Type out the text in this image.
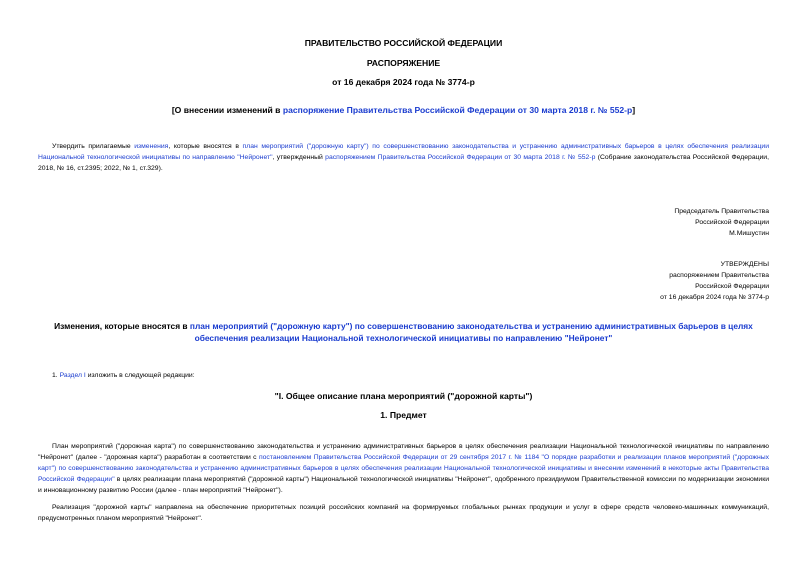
ПРАВИТЕЛЬСТВО РОССИЙСКОЙ ФЕДЕРАЦИИ
РАСПОРЯЖЕНИЕ
от 16 декабря 2024 года № 3774-р
[О внесении изменений в распоряжение Правительства Российской Федерации от 30 марта 2018 г. № 552-р]
Утвердить прилагаемые изменения, которые вносятся в план мероприятий ("дорожную карту") по совершенствованию законодательства и устранению административных барьеров в целях обеспечения реализации Национальной технологической инициативы по направлению "Нейронет", утвержденный распоряжением Правительства Российской Федерации от 30 марта 2018 г. № 552-р (Собрание законодательства Российской Федерации, 2018, № 16, ст.2395; 2022, № 1, ст.329).
Председатель Правительства
Российской Федерации
М.Мишустин
УТВЕРЖДЕНЫ
распоряжением Правительства
Российской Федерации
от 16 декабря 2024 года № 3774-р
Изменения, которые вносятся в план мероприятий ("дорожную карту") по совершенствованию законодательства и устранению административных барьеров в целях обеспечения реализации Национальной технологической инициативы по направлению "Нейронет"
1. Раздел I изложить в следующей редакции:
"I. Общее описание плана мероприятий ("дорожной карты")
1. Предмет
План мероприятий ("дорожная карта") по совершенствованию законодательства и устранению административных барьеров в целях обеспечения реализации Национальной технологической инициативы по направлению "Нейронет" (далее - "дорожная карта") разработан в соответствии с постановлением Правительства Российской Федерации от 29 сентября 2017 г. № 1184 "О порядке разработки и реализации планов мероприятий ("дорожных карт") по совершенствованию законодательства и устранению административных барьеров в целях обеспечения реализации Национальной технологической инициативы и внесении изменений в некоторые акты Правительства Российской Федерации" в целях реализации плана мероприятий ("дорожной карты") Национальной технологической инициативы "Нейронет", одобренного президиумом Правительственной комиссии по модернизации экономики и инновационному развитию России (далее - план мероприятий "Нейронет").
Реализация "дорожной карты" направлена на обеспечение приоритетных позиций российских компаний на формируемых глобальных рынках продукции и услуг в сфере средств человеко-машинных коммуникаций, предусмотренных планом мероприятий "Нейронет".
